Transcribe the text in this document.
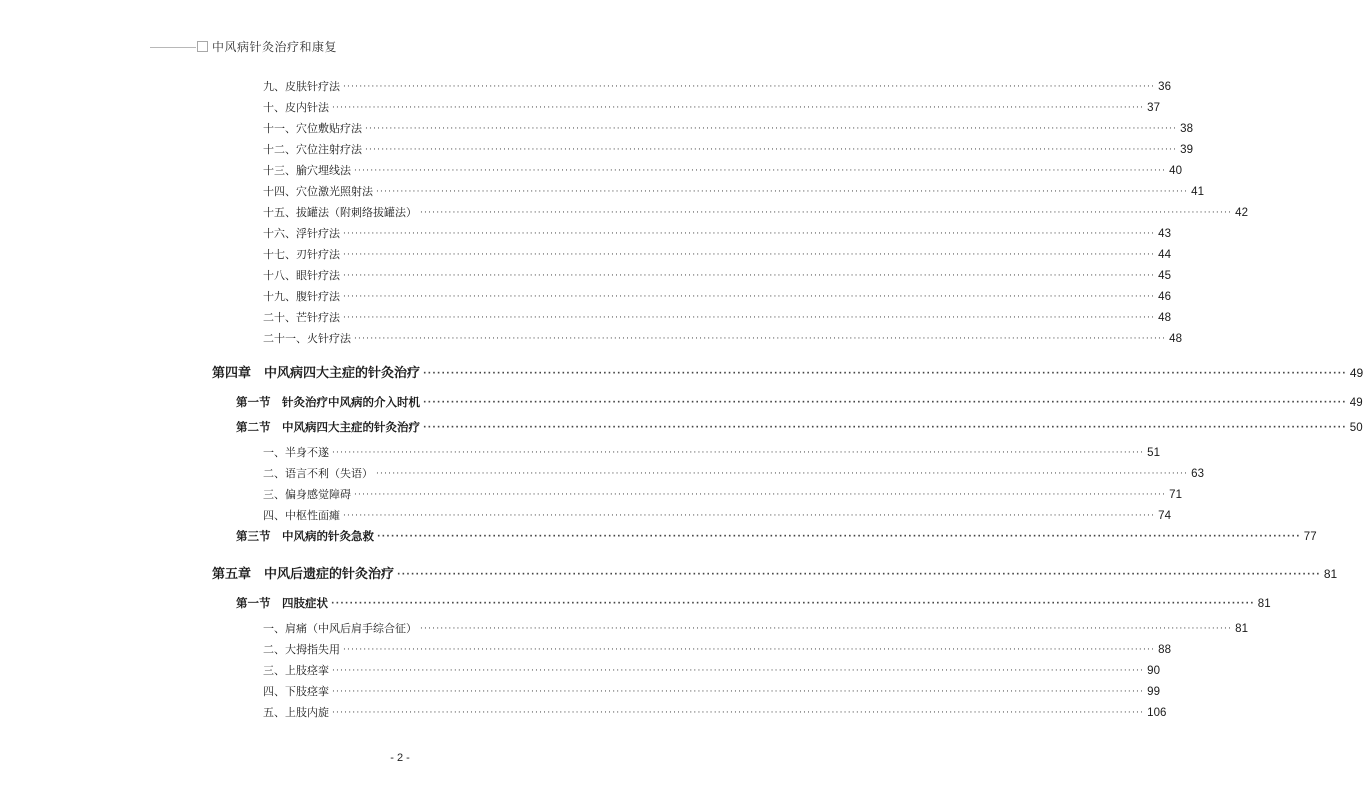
中风病针灸治疗和康复
九、皮肤针疗法 ········································································································································································································ 36
十、皮内针法 ········································································································································································································ 37
十一、穴位敷贴疗法 ········································································································································································································ 38
十二、穴位注射疗法 ········································································································································································································ 39
十三、腧穴埋线法 ········································································································································································································ 40
十四、穴位激光照射法 ········································································································································································································ 41
十五、拔罐法（附刺络拔罐法） ········································································································································································································ 42
十六、浮针疗法 ········································································································································································································ 43
十七、刃针疗法 ········································································································································································································ 44
十八、眼针疗法 ········································································································································································································ 45
十九、腹针疗法 ········································································································································································································ 46
二十、芒针疗法 ········································································································································································································ 48
二十一、火针疗法 ········································································································································································································ 48
第四章　中风病四大主症的针灸治疗 ········································································································································································································ 49
第一节　针灸治疗中风病的介入时机 ········································································································································································································ 49
第二节　中风病四大主症的针灸治疗 ········································································································································································································ 50
一、半身不遂 ········································································································································································································ 51
二、语言不利（失语） ········································································································································································································ 63
三、偏身感觉障碍 ········································································································································································································ 71
四、中枢性面瘫 ········································································································································································································ 74
第三节　中风病的针灸急救 ········································································································································································································ 77
第五章　中风后遗症的针灸治疗 ········································································································································································································ 81
第一节　四肢症状 ········································································································································································································ 81
一、肩痛（中风后肩手综合征） ········································································································································································································ 81
二、大拇指失用 ········································································································································································································ 88
三、上肢痉挛 ········································································································································································································ 90
四、下肢痉挛 ········································································································································································································ 99
五、上肢内旋 ········································································································································································································ 106
- 2 -
